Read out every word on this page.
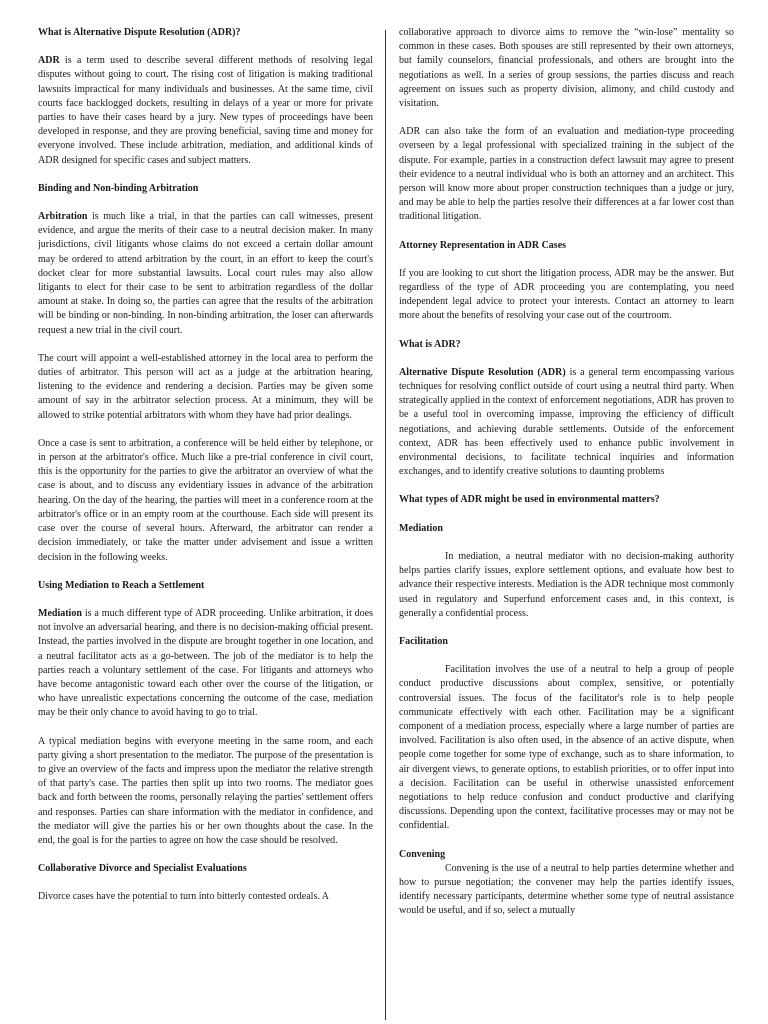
What is Alternative Dispute Resolution (ADR)?

ADR is a term used to describe several different methods of resolving legal disputes without going to court. The rising cost of litigation is making traditional lawsuits impractical for many individuals and businesses. At the same time, civil courts face backlogged dockets, resulting in delays of a year or more for private parties to have their cases heard by a jury. New types of proceedings have been developed in response, and they are proving beneficial, saving time and money for everyone involved. These include arbitration, mediation, and additional kinds of ADR designed for specific cases and subject matters.

Binding and Non-binding Arbitration

Arbitration is much like a trial, in that the parties can call witnesses, present evidence, and argue the merits of their case to a neutral decision maker. In many jurisdictions, civil litigants whose claims do not exceed a certain dollar amount may be ordered to attend arbitration by the court, in an effort to keep the court's docket clear for more substantial lawsuits. Local court rules may also allow litigants to elect for their case to be sent to arbitration regardless of the dollar amount at stake. In doing so, the parties can agree that the results of the arbitration will be binding or non-binding. In non-binding arbitration, the loser can afterwards request a new trial in the civil court.

The court will appoint a well-established attorney in the local area to perform the duties of arbitrator. This person will act as a judge at the arbitration hearing, listening to the evidence and rendering a decision. Parties may be given some amount of say in the arbitrator selection process. At a minimum, they will be allowed to strike potential arbitrators with whom they have had prior dealings.

Once a case is sent to arbitration, a conference will be held either by telephone, or in person at the arbitrator's office. Much like a pre-trial conference in civil court, this is the opportunity for the parties to give the arbitrator an overview of what the case is about, and to discuss any evidentiary issues in advance of the arbitration hearing. On the day of the hearing, the parties will meet in a conference room at the arbitrator's office or in an empty room at the courthouse. Each side will present its case over the course of several hours. Afterward, the arbitrator can render a decision immediately, or take the matter under advisement and issue a written decision in the following weeks.

Using Mediation to Reach a Settlement

Mediation is a much different type of ADR proceeding. Unlike arbitration, it does not involve an adversarial hearing, and there is no decision-making official present. Instead, the parties involved in the dispute are brought together in one location, and a neutral facilitator acts as a go-between. The job of the mediator is to help the parties reach a voluntary settlement of the case. For litigants and attorneys who have become antagonistic toward each other over the course of the litigation, or who have unrealistic expectations concerning the outcome of the case, mediation may be their only chance to avoid having to go to trial.

A typical mediation begins with everyone meeting in the same room, and each party giving a short presentation to the mediator. The purpose of the presentation is to give an overview of the facts and impress upon the mediator the relative strength of that party's case. The parties then split up into two rooms. The mediator goes back and forth between the rooms, personally relaying the parties' settlement offers and responses. Parties can share information with the mediator in confidence, and the mediator will give the parties his or her own thoughts about the case. In the end, the goal is for the parties to agree on how the case should be resolved.

Collaborative Divorce and Specialist Evaluations

Divorce cases have the potential to turn into bitterly contested ordeals. A

collaborative approach to divorce aims to remove the “win-lose” mentality so common in these cases. Both spouses are still represented by their own attorneys, but family counselors, financial professionals, and others are brought into the negotiations as well. In a series of group sessions, the parties discuss and reach agreement on issues such as property division, alimony, and child custody and visitation.

ADR can also take the form of an evaluation and mediation-type proceeding overseen by a legal professional with specialized training in the subject of the dispute. For example, parties in a construction defect lawsuit may agree to present their evidence to a neutral individual who is both an attorney and an architect. This person will know more about proper construction techniques than a judge or jury, and may be able to help the parties resolve their differences at a far lower cost than traditional litigation.

Attorney Representation in ADR Cases

If you are looking to cut short the litigation process, ADR may be the answer. But regardless of the type of ADR proceeding you are contemplating, you need independent legal advice to protect your interests. Contact an attorney to learn more about the benefits of resolving your case out of the courtroom.

What is ADR?

Alternative Dispute Resolution (ADR) is a general term encompassing various techniques for resolving conflict outside of court using a neutral third party. When strategically applied in the context of enforcement negotiations, ADR has proven to be a useful tool in overcoming impasse, improving the efficiency of difficult negotiations, and achieving durable settlements. Outside of the enforcement context, ADR has been effectively used to enhance public involvement in environmental decisions, to facilitate technical inquiries and information exchanges, and to identify creative solutions to daunting problems

What types of ADR might be used in environmental matters?
Mediation

In mediation, a neutral mediator with no decision-making authority helps parties clarify issues, explore settlement options, and evaluate how best to advance their respective interests. Mediation is the ADR technique most commonly used in regulatory and Superfund enforcement cases and, in this context, is generally a confidential process.

Facilitation

Facilitation involves the use of a neutral to help a group of people conduct productive discussions about complex, sensitive, or potentially controversial issues. The focus of the facilitator's role is to help people communicate effectively with each other. Facilitation may be a significant component of a mediation process, especially where a large number of parties are involved. Facilitation is also often used, in the absence of an active dispute, when people come together for some type of exchange, such as to share information, to air divergent views, to generate options, to establish priorities, or to offer input into a decision. Facilitation can be useful in otherwise unassisted enforcement negotiations to help reduce confusion and conduct productive and clarifying discussions. Depending upon the context, facilitative processes may or may not be confidential.

Convening
Convening is the use of a neutral to help parties determine whether and how to pursue negotiation; the convener may help the parties identify issues, identify necessary participants, determine whether some type of neutral assistance would be useful, and if so, select a mutually
